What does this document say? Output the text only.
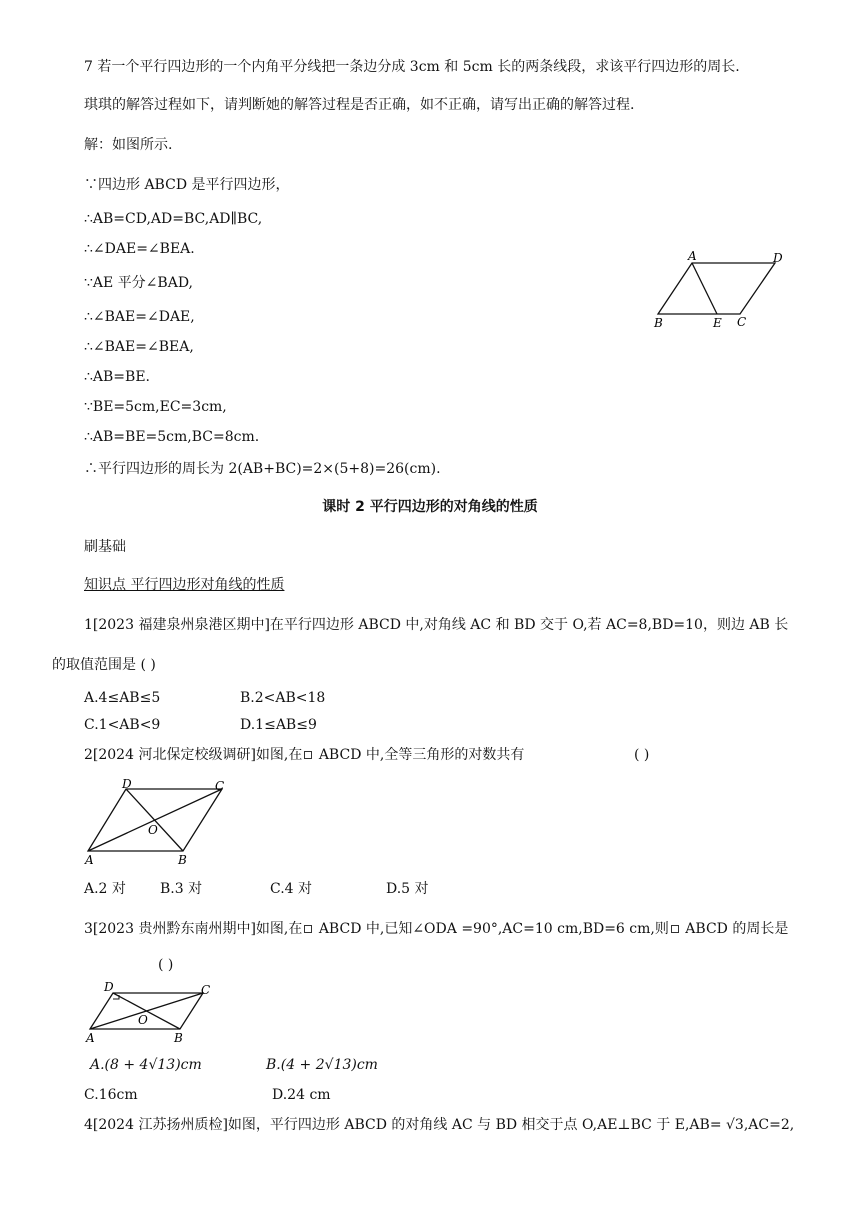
7 若一个平行四边形的一个内角平分线把一条边分成 3cm 和 5cm 长的两条线段，求该平行四边形的周长.
琪琪的解答过程如下，请判断她的解答过程是否正确，如不正确，请写出正确的解答过程.
解：如图所示.
∵四边形 ABCD 是平行四边形，
∴AB=CD,AD=BC,AD∥BC,
∴∠DAE=∠BEA.
∵AE 平分∠BAD,
∴∠BAE=∠DAE,
∴∠BAE=∠BEA,
∴AB=BE.
∵BE=5cm,EC=3cm,
∴AB=BE=5cm,BC=8cm.
∴平行四边形的周长为 2(AB+BC)=2×(5+8)=26(cm).
A	D
B	E C
课时 2 平行四边形的对角线的性质
刷基础
知识点 平行四边形对角线的性质
1[2023 福建泉州泉港区期中]在平行四边形 ABCD 中,对角线 AC 和 BD 交于 O,若 AC=8,BD=10，则边 AB 长
的取值范围是 ( )
A.4≤AB≤5	B.2<AB<18
C.1<AB<9	D.1≤AB≤9
2[2024 河北保定校级调研]如图,在 ABCD 中,全等三角形的对数共有	( )
D	C
O
A	B
A.2 对 B.3 对	C.4 对	D.5 对
3[2023 贵州黔东南州期中]如图,在 ABCD 中,已知∠ODA =90°,AC=10 cm,BD=6 cm,则 ABCD 的周长是
( )
D	C
O
A	B
A.(8 + 4√13)cm	B.(4 + 2√13)cm
C.16cm	D.24 cm
4[2024 江苏扬州质检]如图，平行四边形 ABCD 的对角线 AC 与 BD 相交于点 O,AE⊥BC 于 E,AB= √3,AC=2,
